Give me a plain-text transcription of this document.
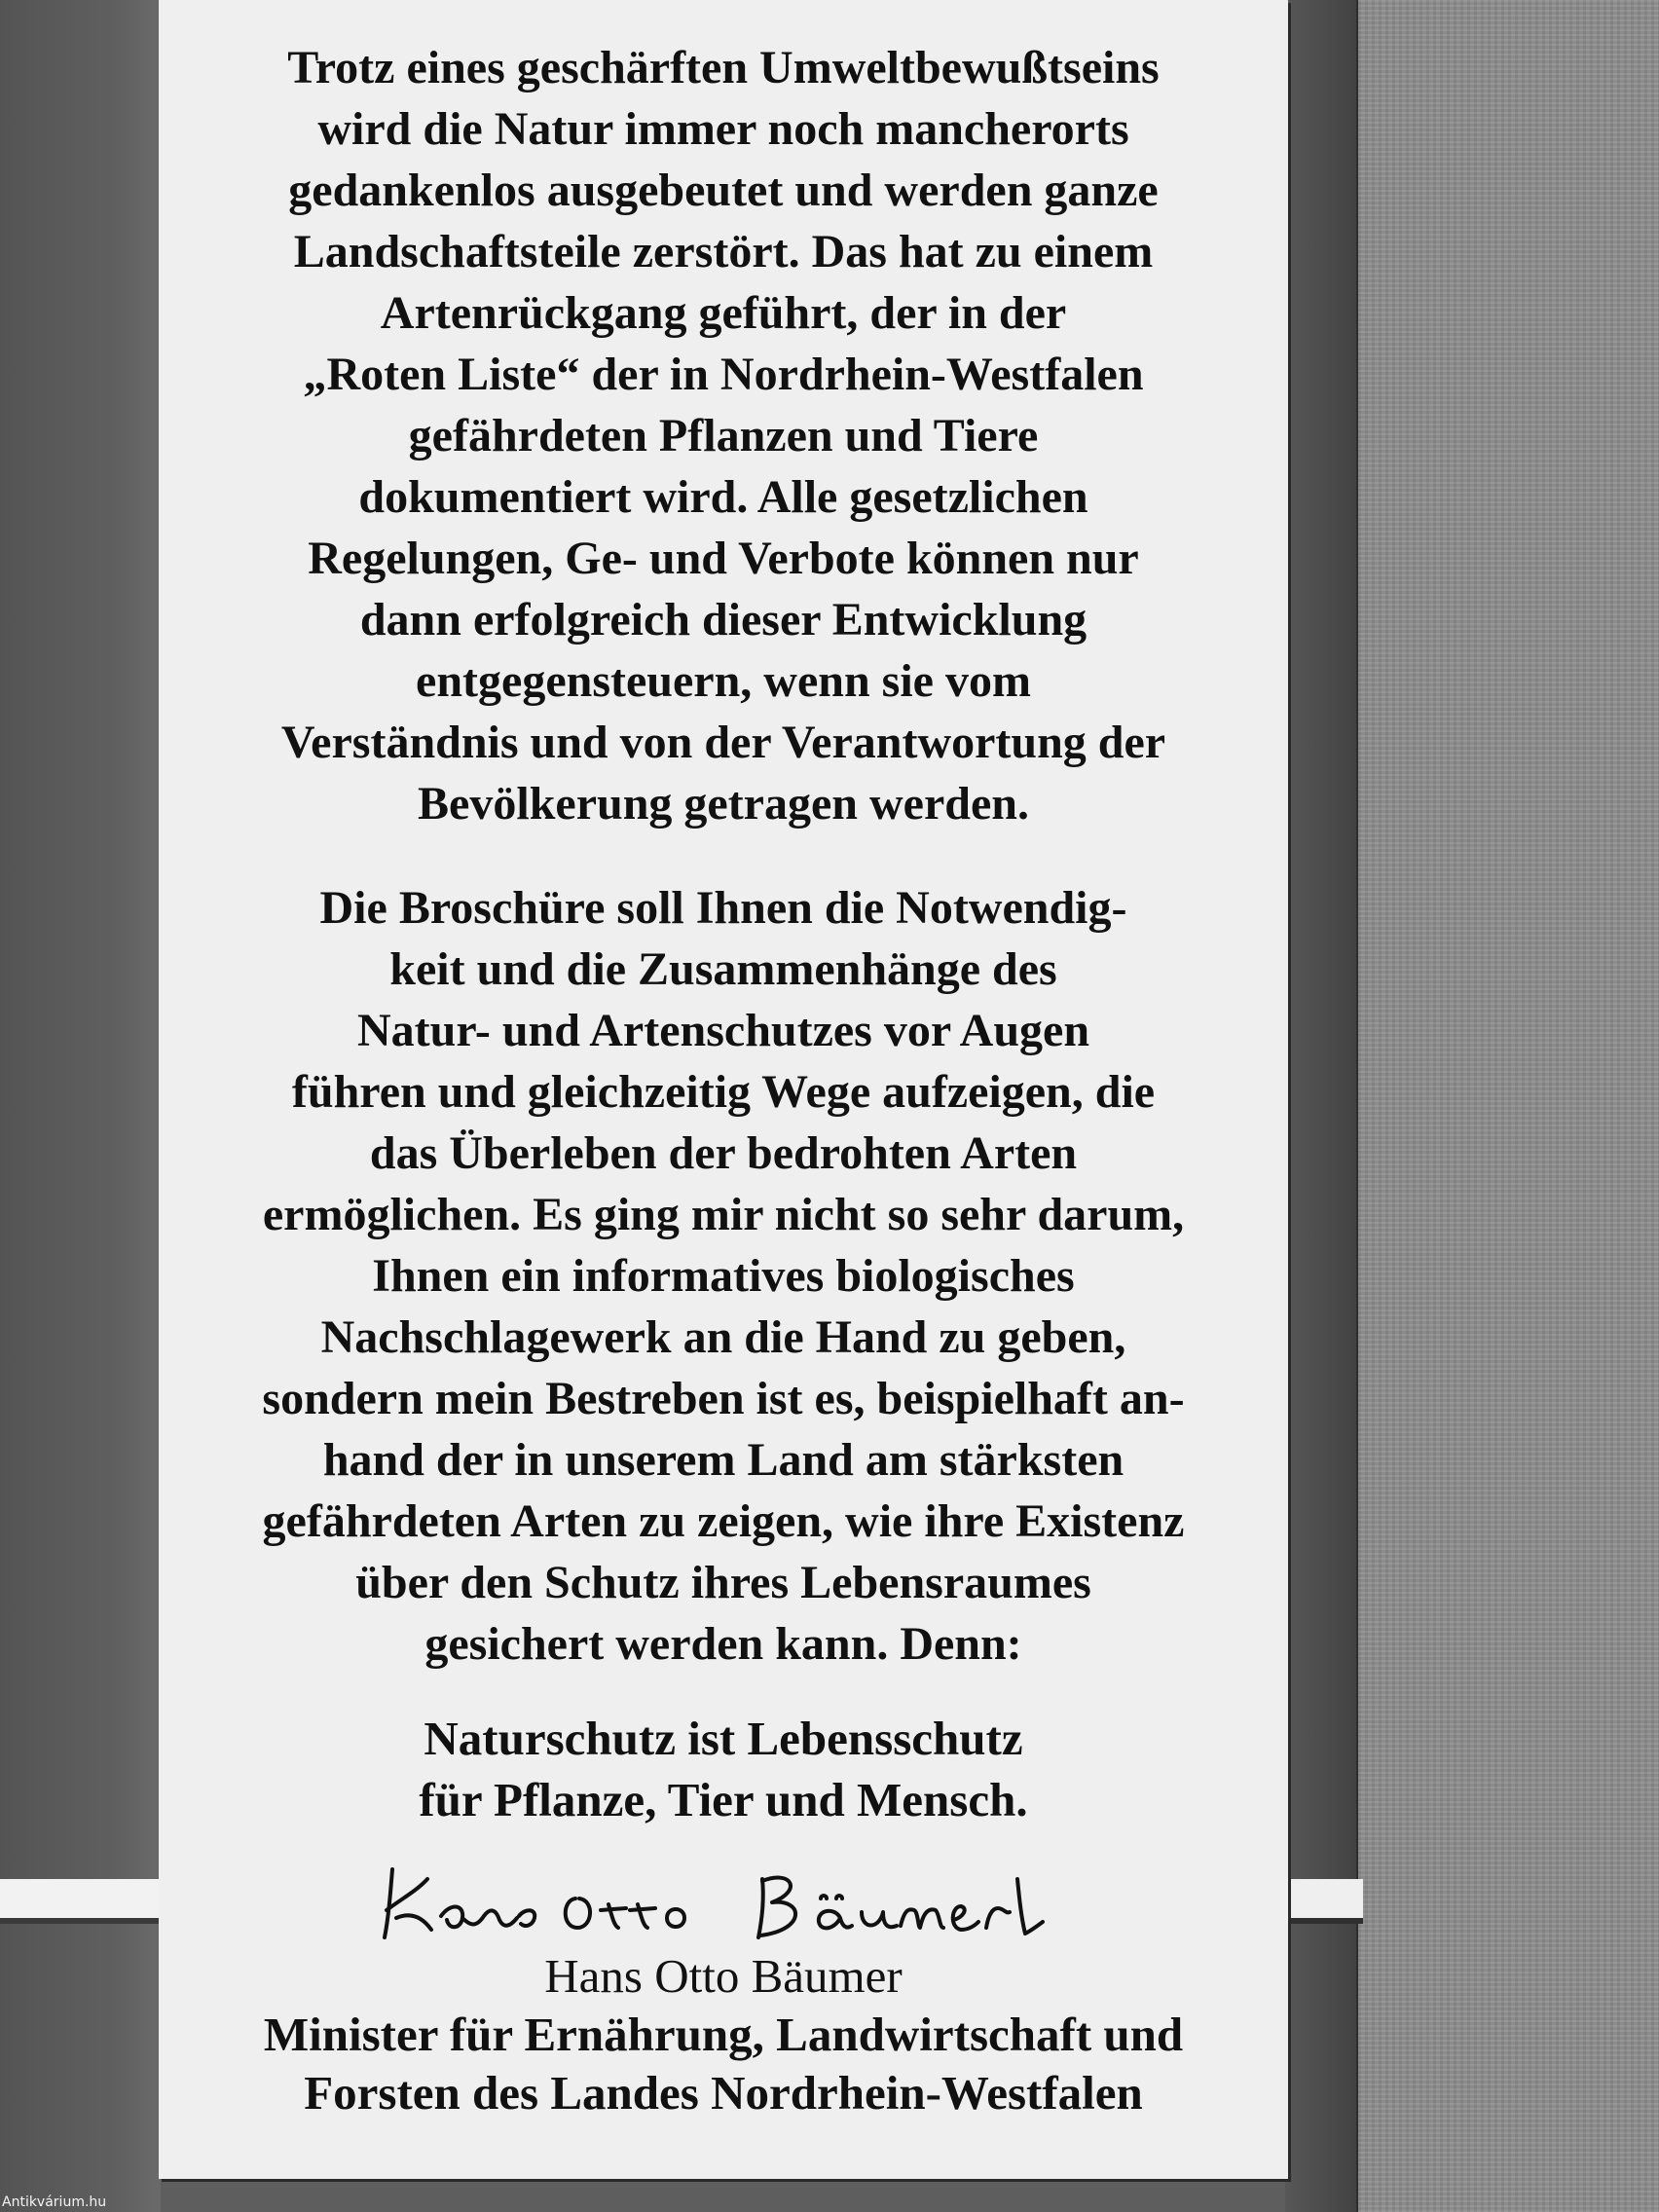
Trotz eines geschärften Umweltbewußtseins
wird die Natur immer noch mancherorts
gedankenlos ausgebeutet und werden ganze
Landschaftsteile zerstört. Das hat zu einem
Artenrückgang geführt, der in der
„Roten Liste“ der in Nordrhein-Westfalen
gefährdeten Pflanzen und Tiere
dokumentiert wird. Alle gesetzlichen
Regelungen, Ge- und Verbote können nur
dann erfolgreich dieser Entwicklung
entgegensteuern, wenn sie vom
Verständnis und von der Verantwortung der
Bevölkerung getragen werden.

Die Broschüre soll Ihnen die Notwendig-
keit und die Zusammenhänge des
Natur- und Artenschutzes vor Augen
führen und gleichzeitig Wege aufzeigen, die
das Überleben der bedrohten Arten
ermöglichen. Es ging mir nicht so sehr darum,
Ihnen ein informatives biologisches
Nachschlagewerk an die Hand zu geben,
sondern mein Bestreben ist es, beispielhaft an-
hand der in unserem Land am stärksten
gefährdeten Arten zu zeigen, wie ihre Existenz
über den Schutz ihres Lebensraumes
gesichert werden kann. Denn:

Naturschutz ist Lebensschutz
für Pflanze, Tier und Mensch.

Hans Otto Bäumer

Minister für Ernährung, Landwirtschaft und
Forsten des Landes Nordrhein-Westfalen

Antikvárium.hu
